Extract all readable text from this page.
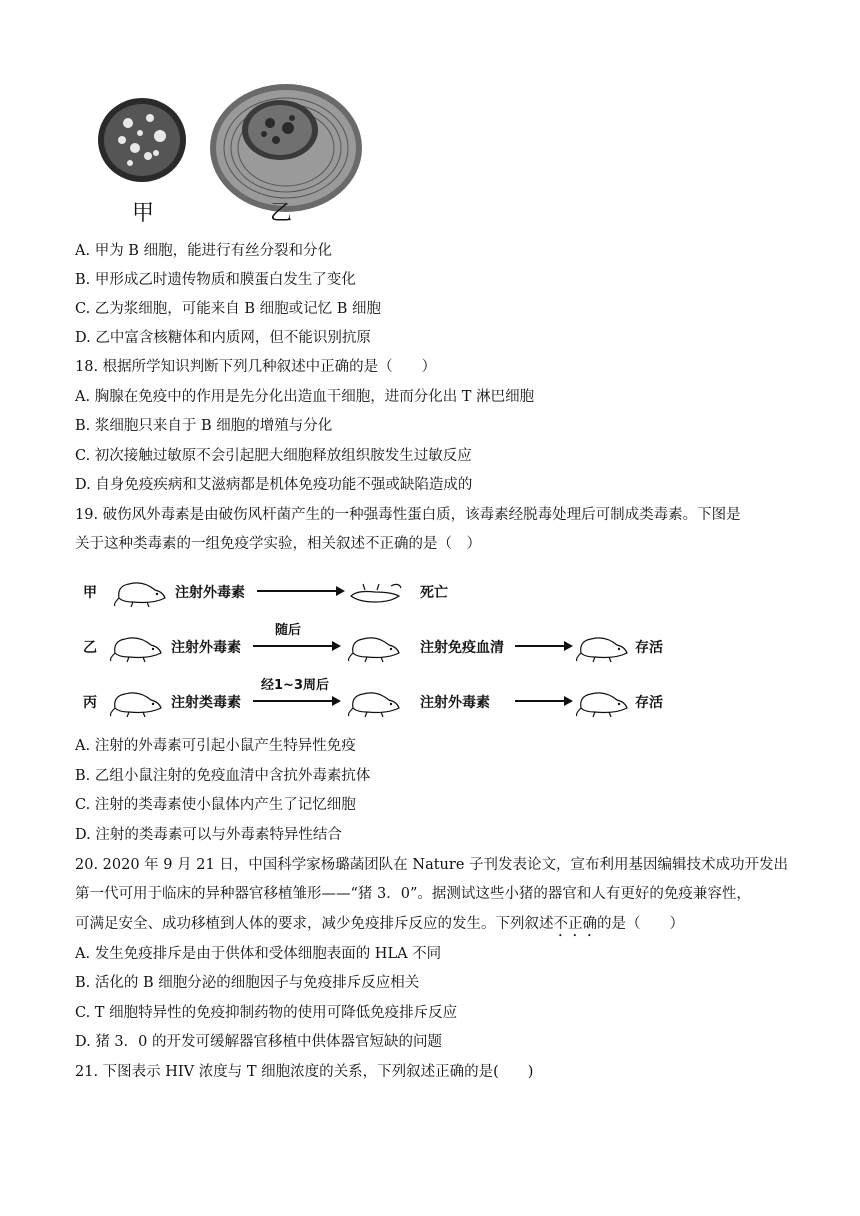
甲	乙
A. 甲为 B 细胞，能进行有丝分裂和分化
B. 甲形成乙时遗传物质和膜蛋白发生了变化
C. 乙为浆细胞，可能来自 B 细胞或记忆 B 细胞
D. 乙中富含核糖体和内质网，但不能识别抗原
18. 根据所学知识判断下列几种叙述中正确的是（　　）
A. 胸腺在免疫中的作用是先分化出造血干细胞，进而分化出 T 淋巴细胞
B. 浆细胞只来自于 B 细胞的增殖与分化
C. 初次接触过敏原不会引起肥大细胞释放组织胺发生过敏反应
D. 自身免疫疾病和艾滋病都是机体免疫功能不强或缺陷造成的
19. 破伤风外毒素是由破伤风杆菌产生的一种强毒性蛋白质，该毒素经脱毒处理后可制成类毒素。下图是
关于这种类毒素的一组免疫学实验，相关叙述不正确的是（　）
甲	注射外毒素	死亡
乙	注射外毒素
随后
注射免疫血清	存活
丙	注射类毒素
经1~3周后
注射外毒素	存活
A. 注射的外毒素可引起小鼠产生特异性免疫
B. 乙组小鼠注射的免疫血清中含抗外毒素抗体
C. 注射的类毒素使小鼠体内产生了记忆细胞
D. 注射的类毒素可以与外毒素特异性结合
20. 2020 年 9 月 21 日，中国科学家杨璐菡团队在 Nature 子刊发表论文，宣布利用基因编辑技术成功开发出
第一代可用于临床的异种器官移植雏形——“猪 3．0”。据测试这些小猪的器官和人有更好的免疫兼容性，
可满足安全、成功移植到人体的要求，减少免疫排斥反应的发生。下列叙述不正确的是（　　）
A. 发生免疫排斥是由于供体和受体细胞表面的 HLA 不同
B. 活化的 B 细胞分泌的细胞因子与免疫排斥反应相关
C. T 细胞特异性的免疫抑制药物的使用可降低免疫排斥反应
D. 猪 3．0 的开发可缓解器官移植中供体器官短缺的问题
21. 下图表示 HIV 浓度与 T 细胞浓度的关系，下列叙述正确的是(　　)
